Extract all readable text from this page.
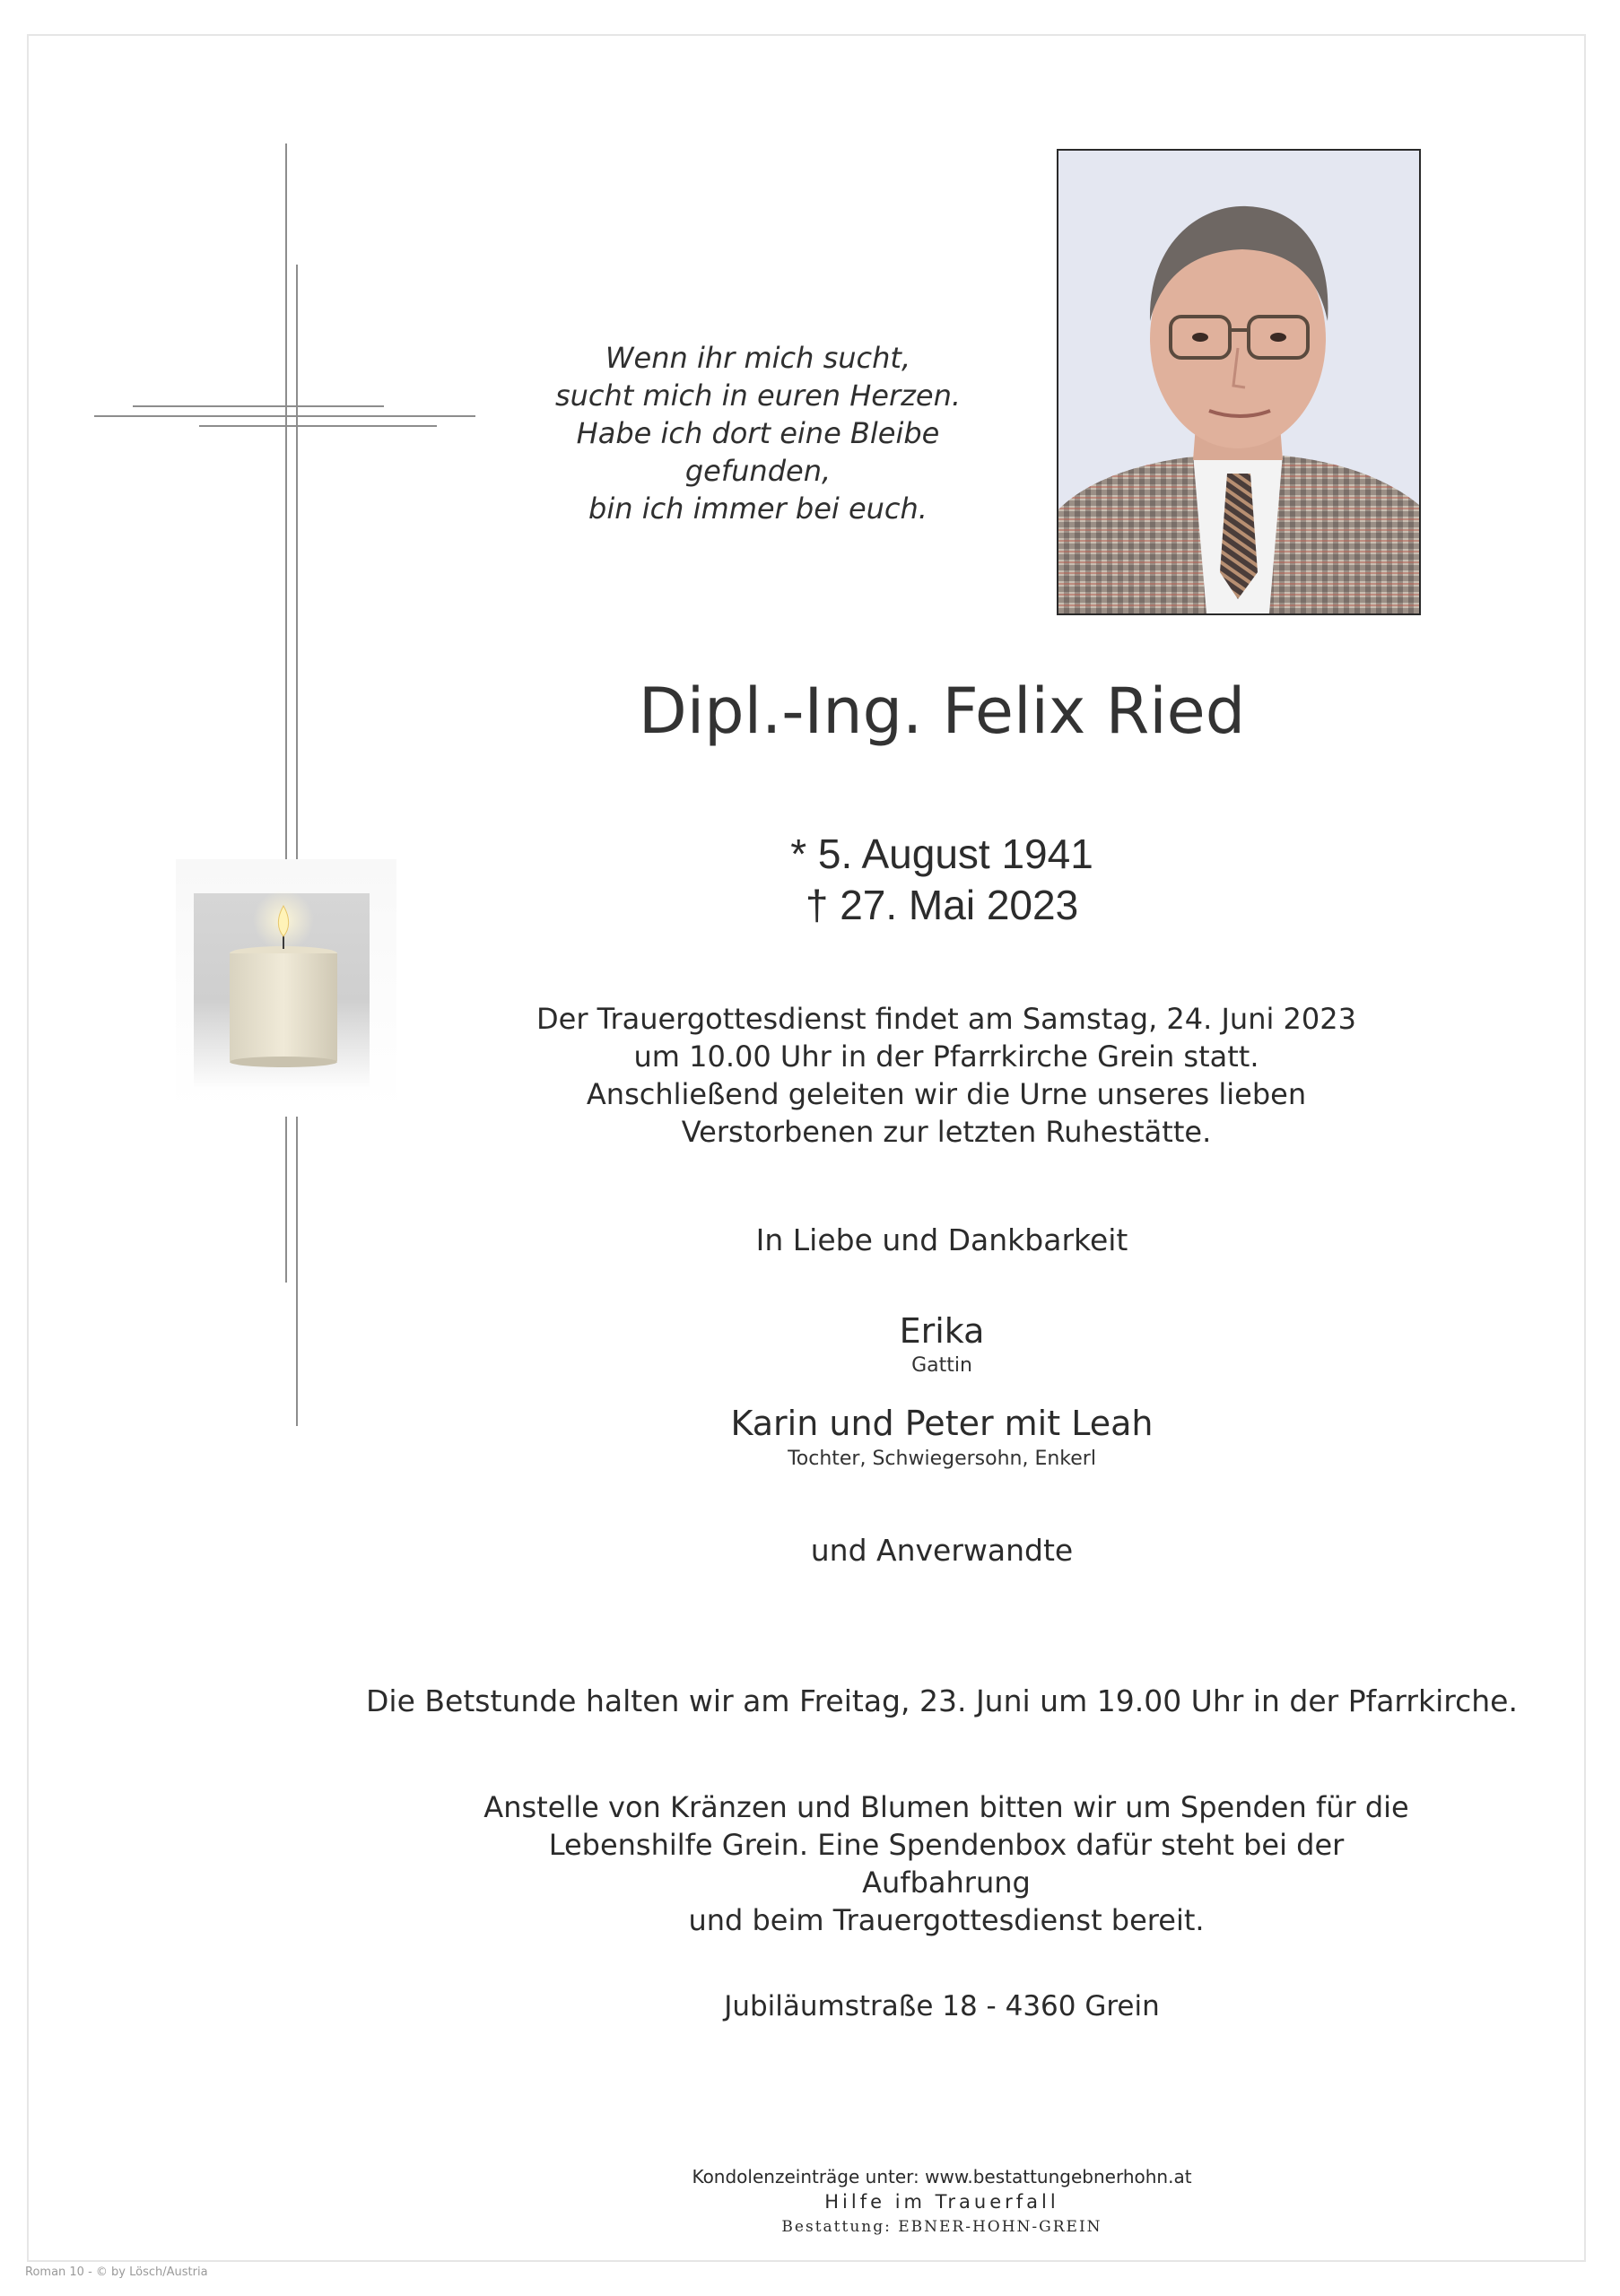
Wenn ihr mich sucht,
sucht mich in euren Herzen.
Habe ich dort eine Bleibe gefunden,
bin ich immer bei euch.
Dipl.-Ing. Felix Ried
* 5. August 1941
† 27. Mai 2023
Der Trauergottesdienst findet am Samstag, 24. Juni 2023
um 10.00 Uhr in der Pfarrkirche Grein statt.
Anschließend geleiten wir die Urne unseres lieben
Verstorbenen zur letzten Ruhestätte.
In Liebe und Dankbarkeit
Erika
Gattin
Karin und Peter mit Leah
Tochter, Schwiegersohn, Enkerl
und Anverwandte
Die Betstunde halten wir am Freitag, 23. Juni um 19.00 Uhr in der Pfarrkirche.
Anstelle von Kränzen und Blumen bitten wir um Spenden für die
Lebenshilfe Grein. Eine Spendenbox dafür steht bei der Aufbahrung
und beim Trauergottesdienst bereit.
Jubiläumstraße 18 - 4360 Grein
Kondolenzeinträge unter: www.bestattungebnerhohn.at
Hilfe im Trauerfall
Bestattung: EBNER-HOHN-GREIN
Roman 10 - © by Lösch/Austria
